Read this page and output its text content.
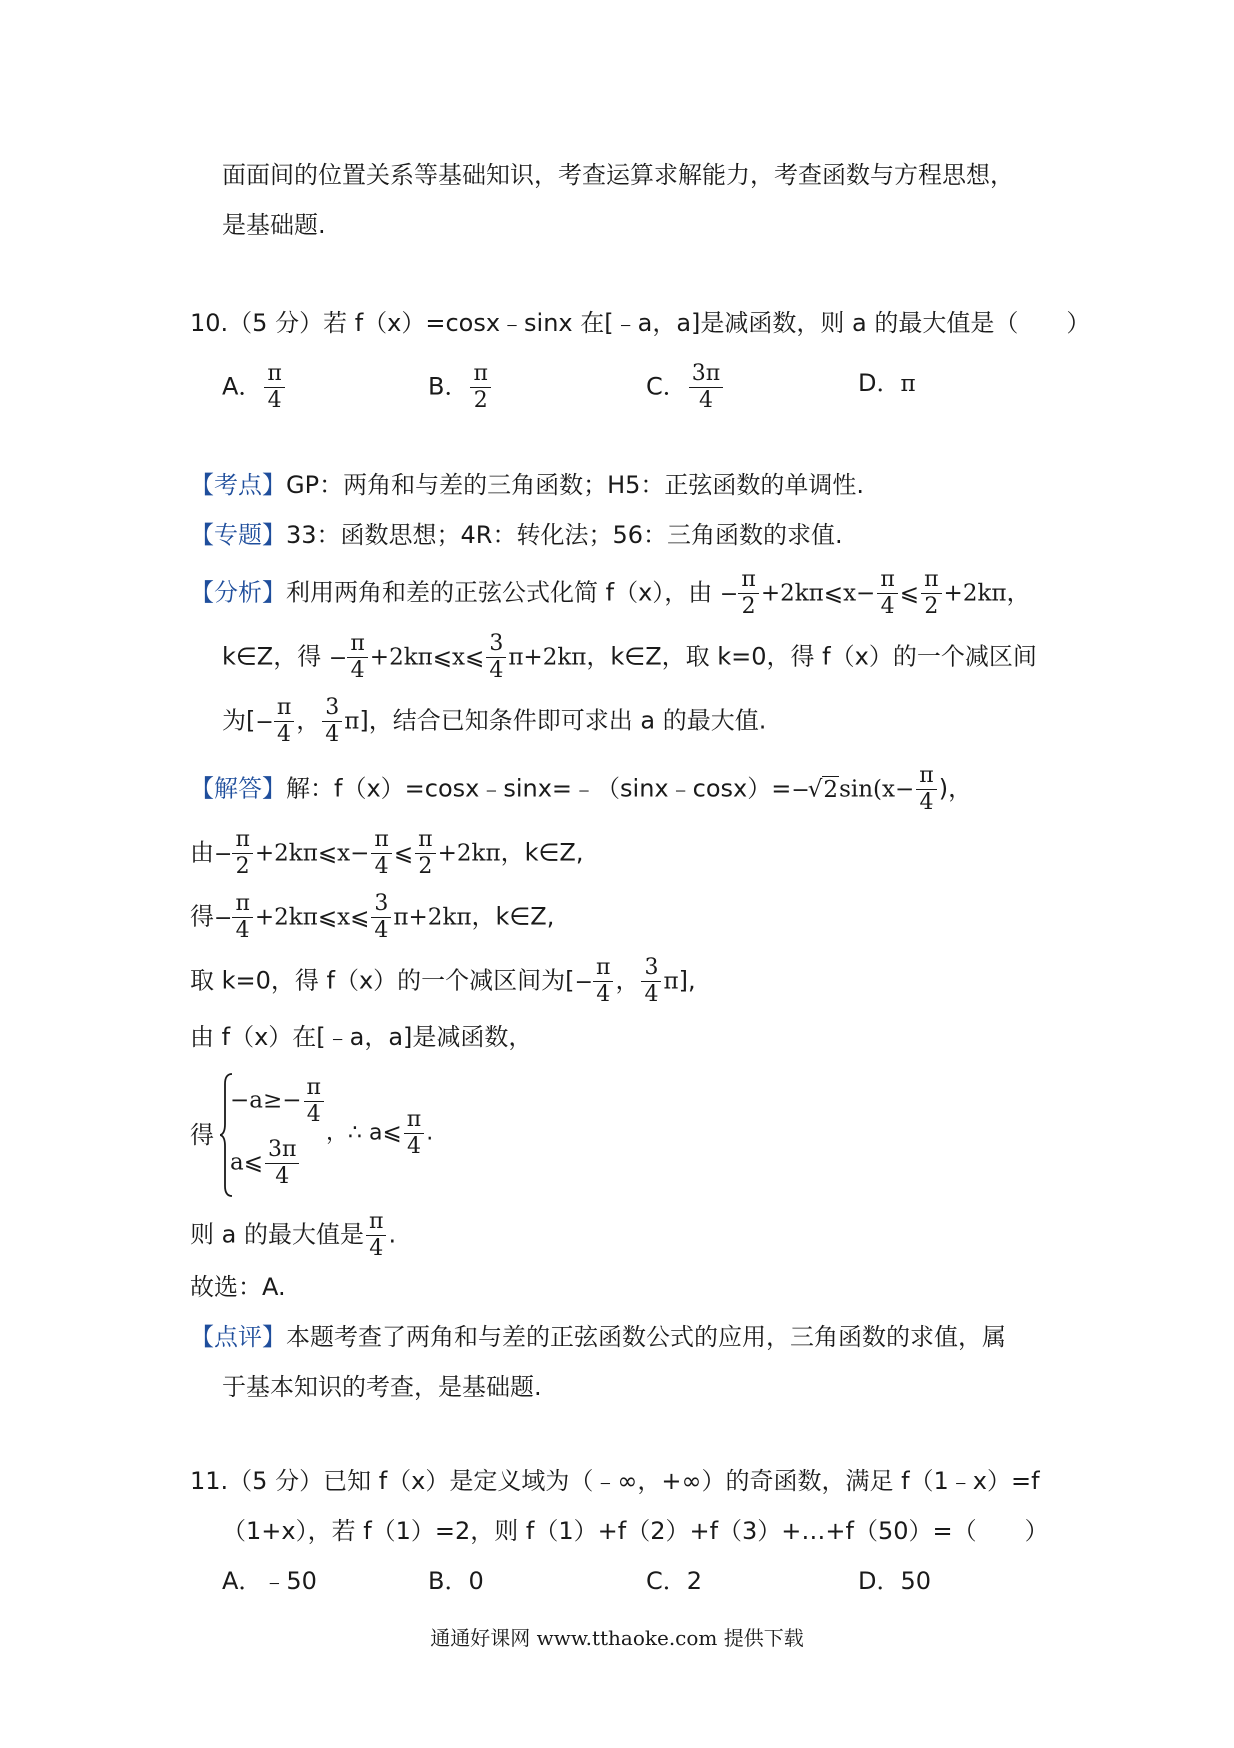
面面间的位置关系等基础知识，考查运算求解能力，考查函数与方程思想，
是基础题.
10.（5 分）若 f（x）=cosx﹣sinx 在[﹣a，a]是减函数，则 a 的最大值是（　　）
A． $\frac{\pi}{4}$	B． $\frac{\pi}{2}$	C． $\frac{3\pi}{4}$	D．π
【考点】GP：两角和与差的三角函数；H5：正弦函数的单调性.
【专题】33：函数思想；4R：转化法；56：三角函数的求值.
【分析】利用两角和差的正弦公式化简 f（x），由 − $\frac{\pi}{2}$ +2kπ⩽x− $\frac{\pi}{4}$ ⩽ $\frac{\pi}{2} +2k\pi$，
k∈Z，得 − $\frac{\pi}{4}$ +2kπ⩽x⩽ $\frac{3}{4} \pi+2k\pi$，k∈Z，取 k=0，得 f（x）的一个减区间
为[− $\frac{\pi}{4}$ ， $\frac{3}{4} \pi$]，结合已知条件即可求出 a 的最大值.
【解答】解：f（x）=cosx﹣sinx=﹣（sinx﹣cosx）=−√2sin(x− $\frac{\pi}{4}$ )，
由− $\frac{\pi}{2}$ +2kπ⩽x− $\frac{\pi}{4}$ ⩽ $\frac{\pi}{2} +2k\pi$，k∈Z,
得− $\frac{\pi}{4}$ +2kπ⩽x⩽ $\frac{3}{4} \pi+2k\pi$，k∈Z,
取 k=0，得 f（x）的一个减区间为[− $\frac{\pi}{4}$ ， $\frac{3}{4} \pi$],
由 f（x）在[﹣a，a]是减函数，
得
$-a\ge- \frac{\pi}{4}$
a⩽ $\frac{3\pi}{4}$
，∴ a⩽ $\frac{\pi}{4}$ .
则 a 的最大值是 $\frac{\pi}{4}$ .
故选：A.
【点评】本题考查了两角和与差的正弦函数公式的应用，三角函数的求值，属
于基本知识的考查，是基础题.
11.（5 分）已知 f（x）是定义域为（﹣∞，+∞）的奇函数，满足 f（1﹣x）=f
（1+x），若 f（1）=2，则 f（1）+f（2）+f（3）+…+f（50）=（　　）
A．﹣50	B．0	C．2	D．50
通通好课网 www.tthaoke.com 提供下载
